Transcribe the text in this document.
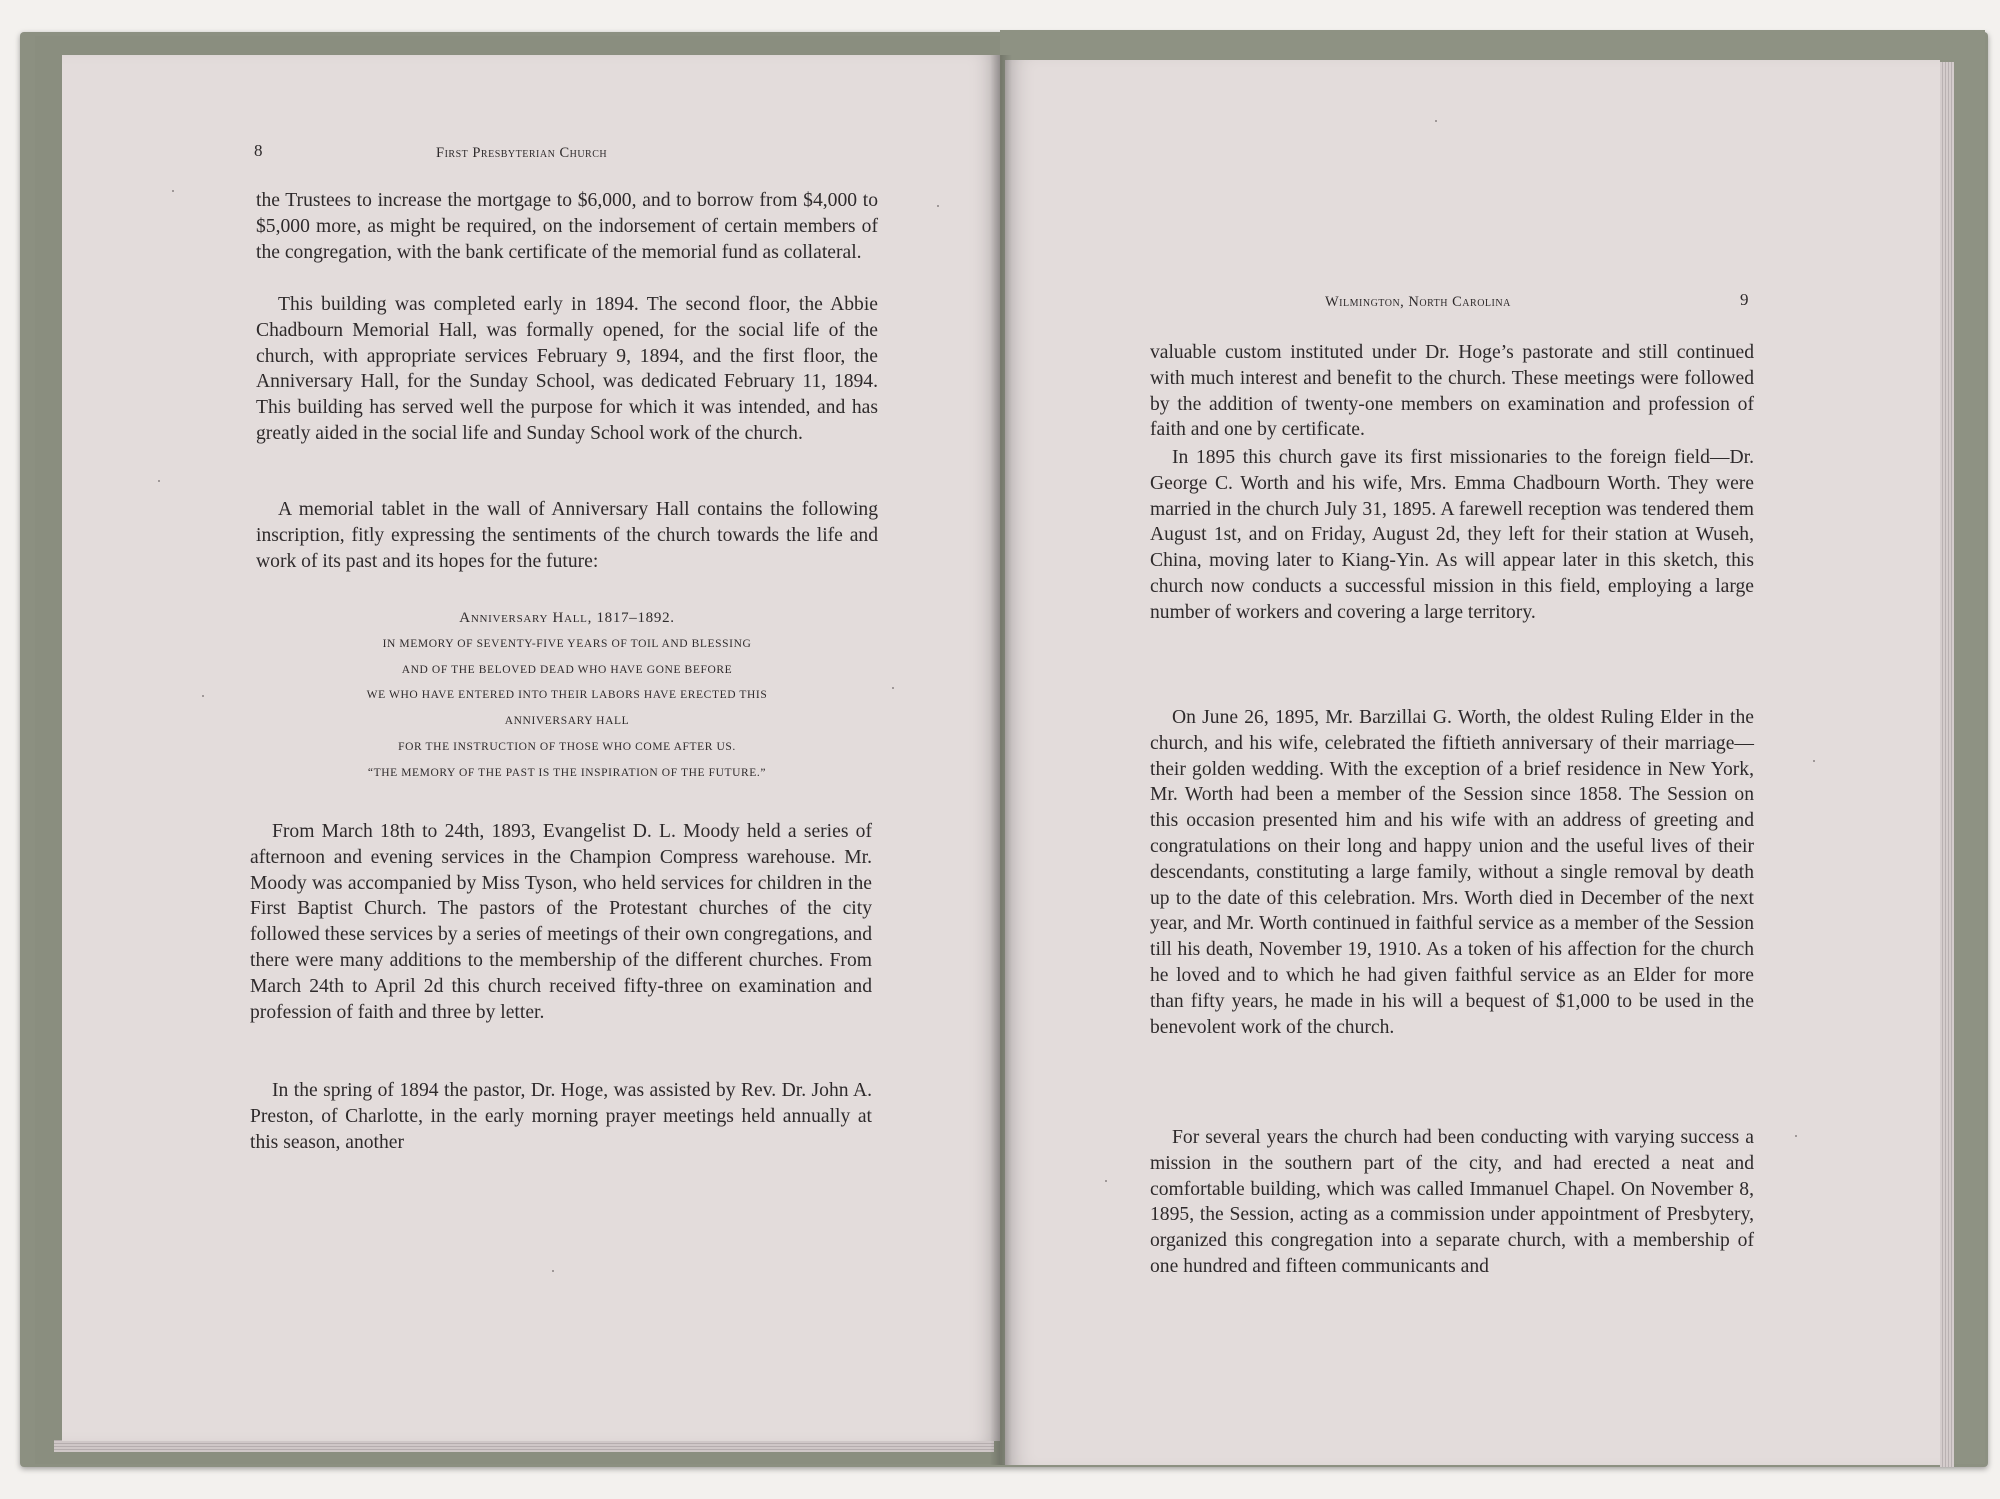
8	First Presbyterian Church

the Trustees to increase the mortgage to $6,000, and to borrow from $4,000 to $5,000 more, as might be required, on the indorsement of certain members of the congregation, with the bank certificate of the memorial fund as collateral.

This building was completed early in 1894. The second floor, the Abbie Chadbourn Memorial Hall, was formally opened, for the social life of the church, with appropriate services February 9, 1894, and the first floor, the Anniversary Hall, for the Sunday School, was dedicated February 11, 1894. This building has served well the purpose for which it was intended, and has greatly aided in the social life and Sunday School work of the church.

A memorial tablet in the wall of Anniversary Hall contains the following inscription, fitly expressing the sentiments of the church towards the life and work of its past and its hopes for the future:

Anniversary Hall, 1817–1892.
IN MEMORY OF SEVENTY-FIVE YEARS OF TOIL AND BLESSING
AND OF THE BELOVED DEAD WHO HAVE GONE BEFORE
WE WHO HAVE ENTERED INTO THEIR LABORS HAVE ERECTED THIS
ANNIVERSARY HALL
FOR THE INSTRUCTION OF THOSE WHO COME AFTER US.
“THE MEMORY OF THE PAST IS THE INSPIRATION OF THE FUTURE.”

From March 18th to 24th, 1893, Evangelist D. L. Moody held a series of afternoon and evening services in the Champion Compress warehouse. Mr. Moody was accompanied by Miss Tyson, who held services for children in the First Baptist Church. The pastors of the Protestant churches of the city followed these services by a series of meetings of their own congregations, and there were many additions to the membership of the different churches. From March 24th to April 2d this church received fifty-three on examination and profession of faith and three by letter.

In the spring of 1894 the pastor, Dr. Hoge, was assisted by Rev. Dr. John A. Preston, of Charlotte, in the early morning prayer meetings held annually at this season, another

Wilmington, North Carolina	9

valuable custom instituted under Dr. Hoge’s pastorate and still continued with much interest and benefit to the church. These meetings were followed by the addition of twenty-one members on examination and profession of faith and one by certificate.

In 1895 this church gave its first missionaries to the foreign field—Dr. George C. Worth and his wife, Mrs. Emma Chadbourn Worth. They were married in the church July 31, 1895. A farewell reception was tendered them August 1st, and on Friday, August 2d, they left for their station at Wuseh, China, moving later to Kiang-Yin. As will appear later in this sketch, this church now conducts a successful mission in this field, employing a large number of workers and covering a large territory.

On June 26, 1895, Mr. Barzillai G. Worth, the oldest Ruling Elder in the church, and his wife, celebrated the fiftieth anniversary of their marriage—their golden wedding. With the exception of a brief residence in New York, Mr. Worth had been a member of the Session since 1858. The Session on this occasion presented him and his wife with an address of greeting and congratulations on their long and happy union and the useful lives of their descendants, constituting a large family, without a single removal by death up to the date of this celebration. Mrs. Worth died in December of the next year, and Mr. Worth continued in faithful service as a member of the Session till his death, November 19, 1910. As a token of his affection for the church he loved and to which he had given faithful service as an Elder for more than fifty years, he made in his will a bequest of $1,000 to be used in the benevolent work of the church.

For several years the church had been conducting with varying success a mission in the southern part of the city, and had erected a neat and comfortable building, which was called Immanuel Chapel. On November 8, 1895, the Session, acting as a commission under appointment of Presbytery, organized this congregation into a separate church, with a membership of one hundred and fifteen communicants and
